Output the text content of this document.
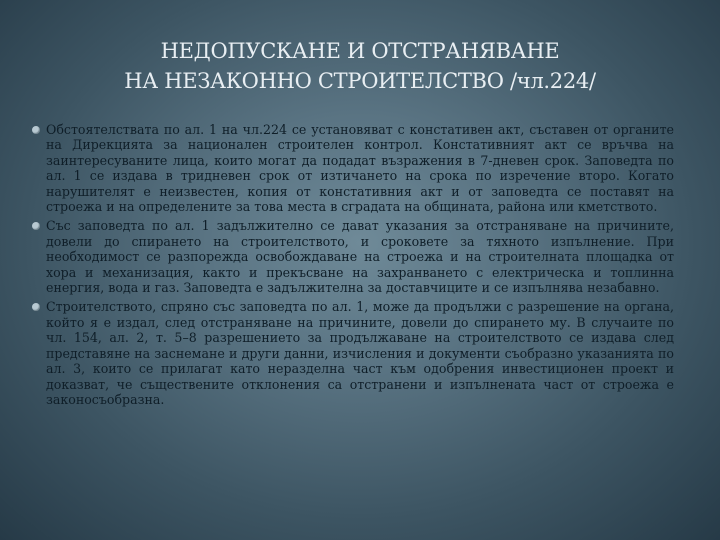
НЕДОПУСКАНЕ И ОТСТРАНЯВАНЕ
НА НЕЗАКОННО СТРОИТЕЛСТВО /чл.224/
Обстоятелствата по ал. 1 на чл.224 се установяват с констативен акт, съставен от органите на Дирекцията за национален строителен контрол. Констативният акт се връчва на заинтересуваните лица, които могат да подадат възражения в 7-дневен срок. Заповедта по ал. 1 се издава в тридневен срок от изтичането на срока по изречение второ. Когато нарушителят е неизвестен, копия от констативния акт и от заповедта се поставят на строежа и на определените за това места в сградата на общината, района или кметството.
Със заповедта по ал. 1 задължително се дават указания за отстраняване на причините, довели до спирането на строителството, и сроковете за тяхното изпълнение. При необходимост се разпорежда освобождаване на строежа и на строителната площадка от хора и механизация, както и прекъсване на захранването с електрическа и топлинна енергия, вода и газ. Заповедта е задължителна за доставчиците и се изпълнява незабавно.
Строителството, спряно със заповедта по ал. 1, може да продължи с разрешение на органа, който я е издал, след отстраняване на причините, довели до спирането му. В случаите по чл. 154, ал. 2, т. 5–8 разрешението за продължаване на строителството се издава след представяне на заснемане и други данни, изчисления и документи съобразно указанията по ал. 3, които се прилагат като неразделна част към одобрения инвестиционен проект и доказват, че съществените отклонения са отстранени и изпълнената част от строежа е законосъобразна.
